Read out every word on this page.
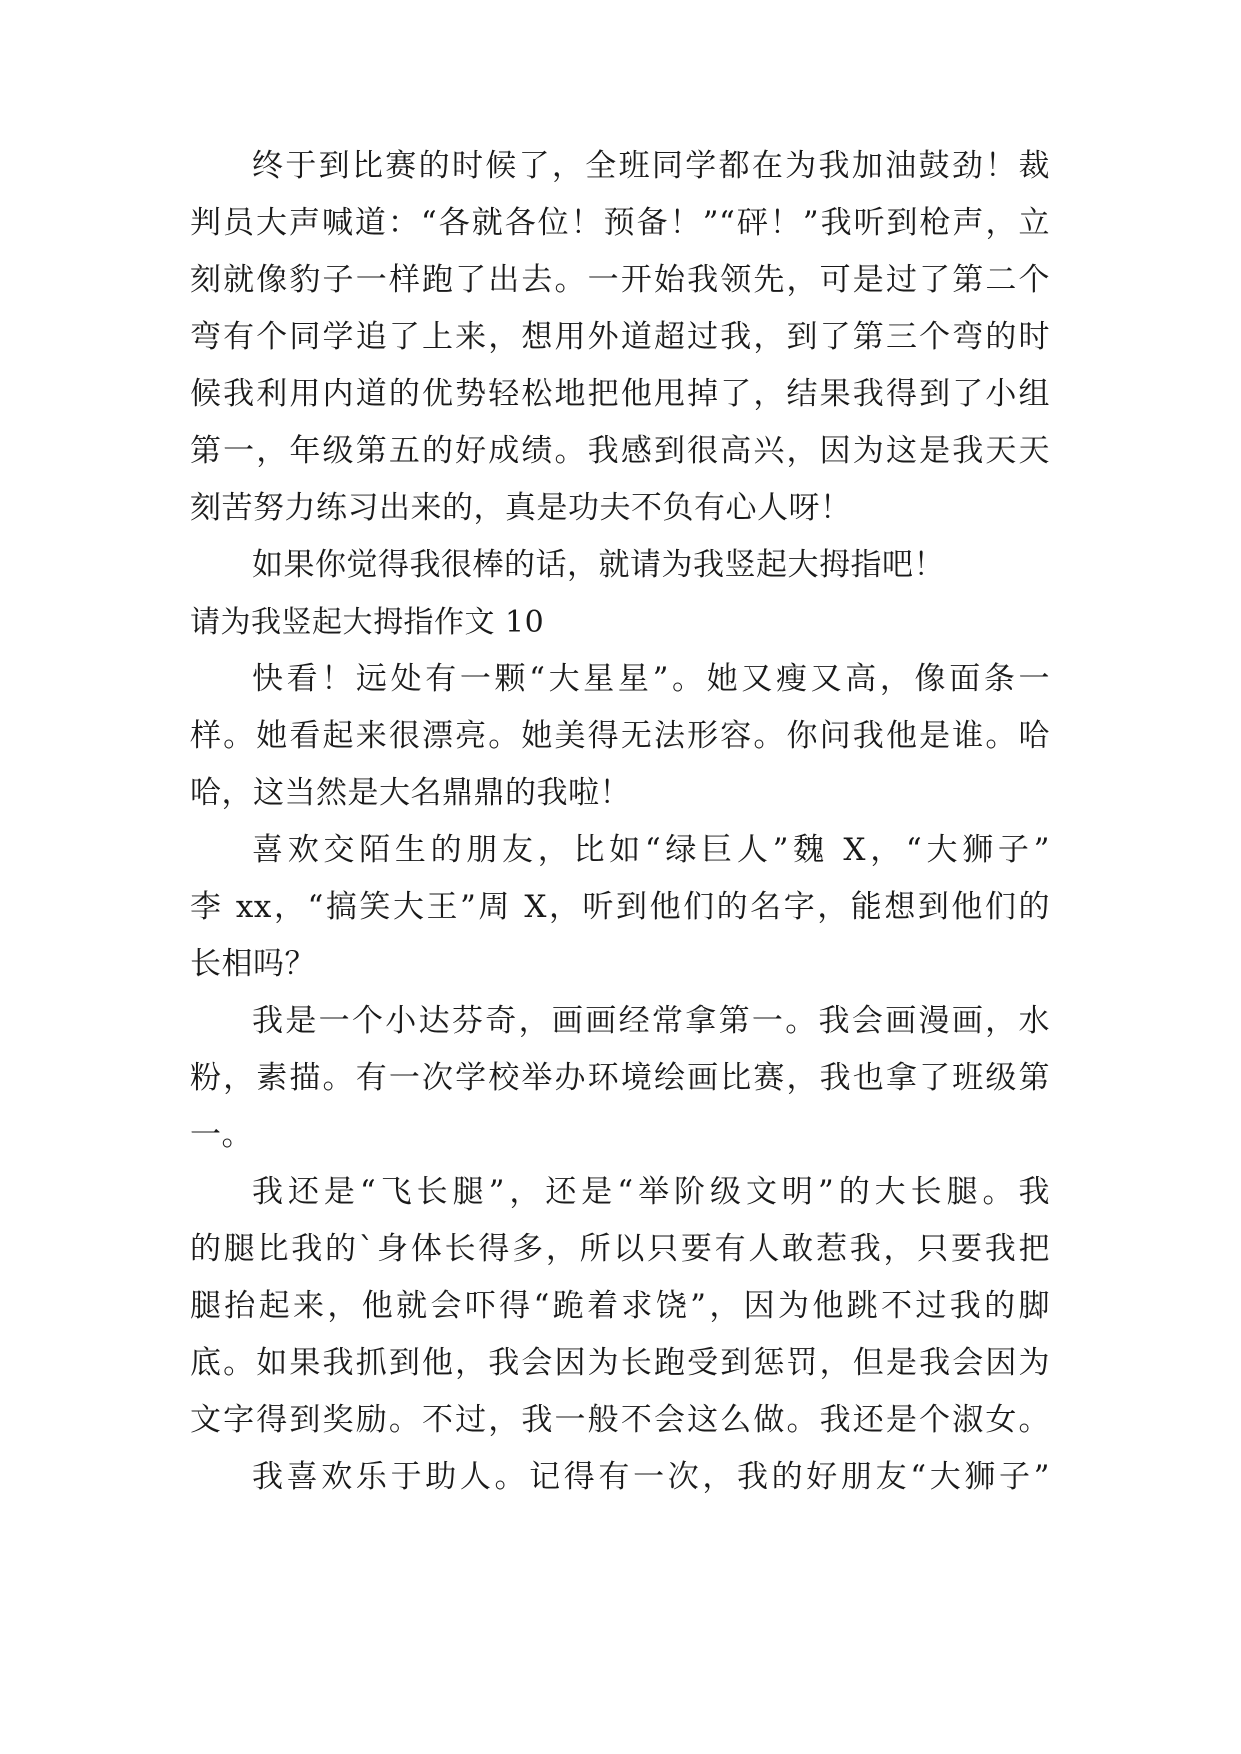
终于到比赛的时候了，全班同学都在为我加油鼓劲！裁
判员大声喊道：“各就各位！预备！”“砰！”我听到枪声，立
刻就像豹子一样跑了出去。一开始我领先，可是过了第二个
弯有个同学追了上来，想用外道超过我，到了第三个弯的时
候我利用内道的优势轻松地把他甩掉了，结果我得到了小组
第一，年级第五的好成绩。我感到很高兴，因为这是我天天
刻苦努力练习出来的，真是功夫不负有心人呀！
如果你觉得我很棒的话，就请为我竖起大拇指吧！
请为我竖起大拇指作文 10
快看！远处有一颗“大星星”。她又瘦又高，像面条一
样。她看起来很漂亮。她美得无法形容。你问我他是谁。哈
哈，这当然是大名鼎鼎的我啦！
喜欢交陌生的朋友，比如“绿巨人”魏 X，“大狮子”
李 xx，“搞笑大王”周 X，听到他们的名字，能想到他们的
长相吗？
我是一个小达芬奇，画画经常拿第一。我会画漫画，水
粉，素描。有一次学校举办环境绘画比赛，我也拿了班级第
一。
我还是“飞长腿”，还是“举阶级文明”的大长腿。我
的腿比我的`身体长得多，所以只要有人敢惹我，只要我把
腿抬起来，他就会吓得“跪着求饶”，因为他跳不过我的脚
底。如果我抓到他，我会因为长跑受到惩罚，但是我会因为
文字得到奖励。不过，我一般不会这么做。我还是个淑女。
我喜欢乐于助人。记得有一次，我的好朋友“大狮子”
